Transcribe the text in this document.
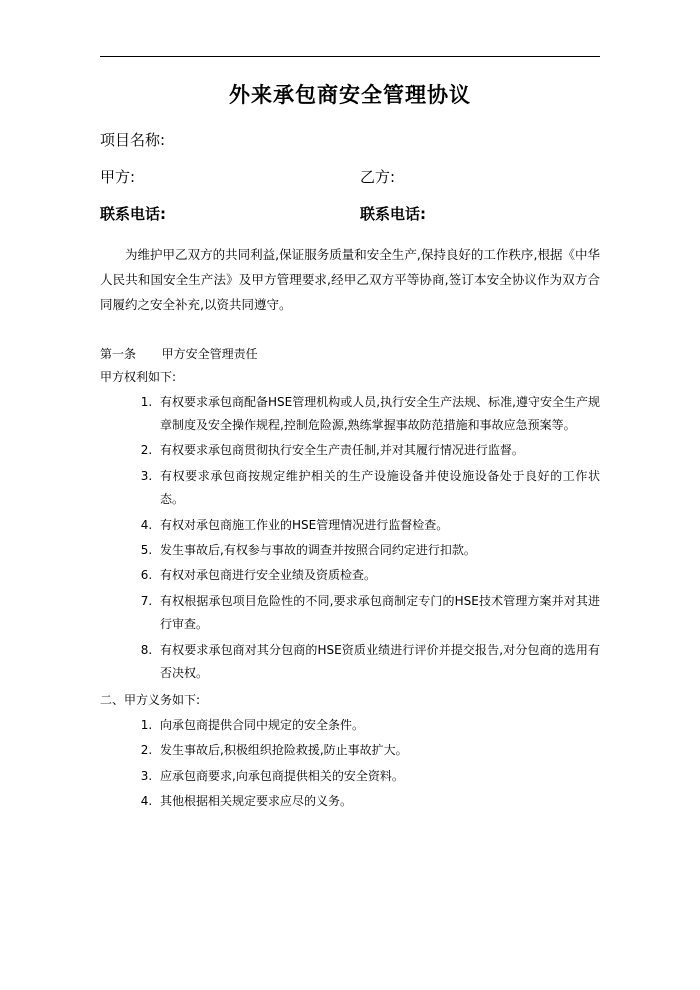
外来承包商安全管理协议
项目名称:
甲方:	乙方:
联系电话:	联系电话:

为维护甲乙双方的共同利益,保证服务质量和安全生产,保持良好的工作秩序,根据《中华人民共和国安全生产法》及甲方管理要求,经甲乙双方平等协商,签订本安全协议作为双方合同履约之安全补充,以资共同遵守。

第一条 甲方安全管理责任

甲方权利如下:

1. 有权要求承包商配备HSE管理机构或人员,执行安全生产法规、标准,遵守安全生产规章制度及安全操作规程,控制危险源,熟练掌握事故防范措施和事故应急预案等。
2. 有权要求承包商贯彻执行安全生产责任制,并对其履行情况进行监督。
3. 有权要求承包商按规定维护相关的生产设施设备并使设施设备处于良好的工作状态。
4. 有权对承包商施工作业的HSE管理情况进行监督检查。
5. 发生事故后,有权参与事故的调查并按照合同约定进行扣款。
6. 有权对承包商进行安全业绩及资质检查。
7. 有权根据承包项目危险性的不同,要求承包商制定专门的HSE技术管理方案并对其进行审查。
8. 有权要求承包商对其分包商的HSE资质业绩进行评价并提交报告,对分包商的选用有否决权。

二、甲方义务如下:

1. 向承包商提供合同中规定的安全条件。
2. 发生事故后,积极组织抢险救援,防止事故扩大。
3. 应承包商要求,向承包商提供相关的安全资料。
4. 其他根据相关规定要求应尽的义务。
